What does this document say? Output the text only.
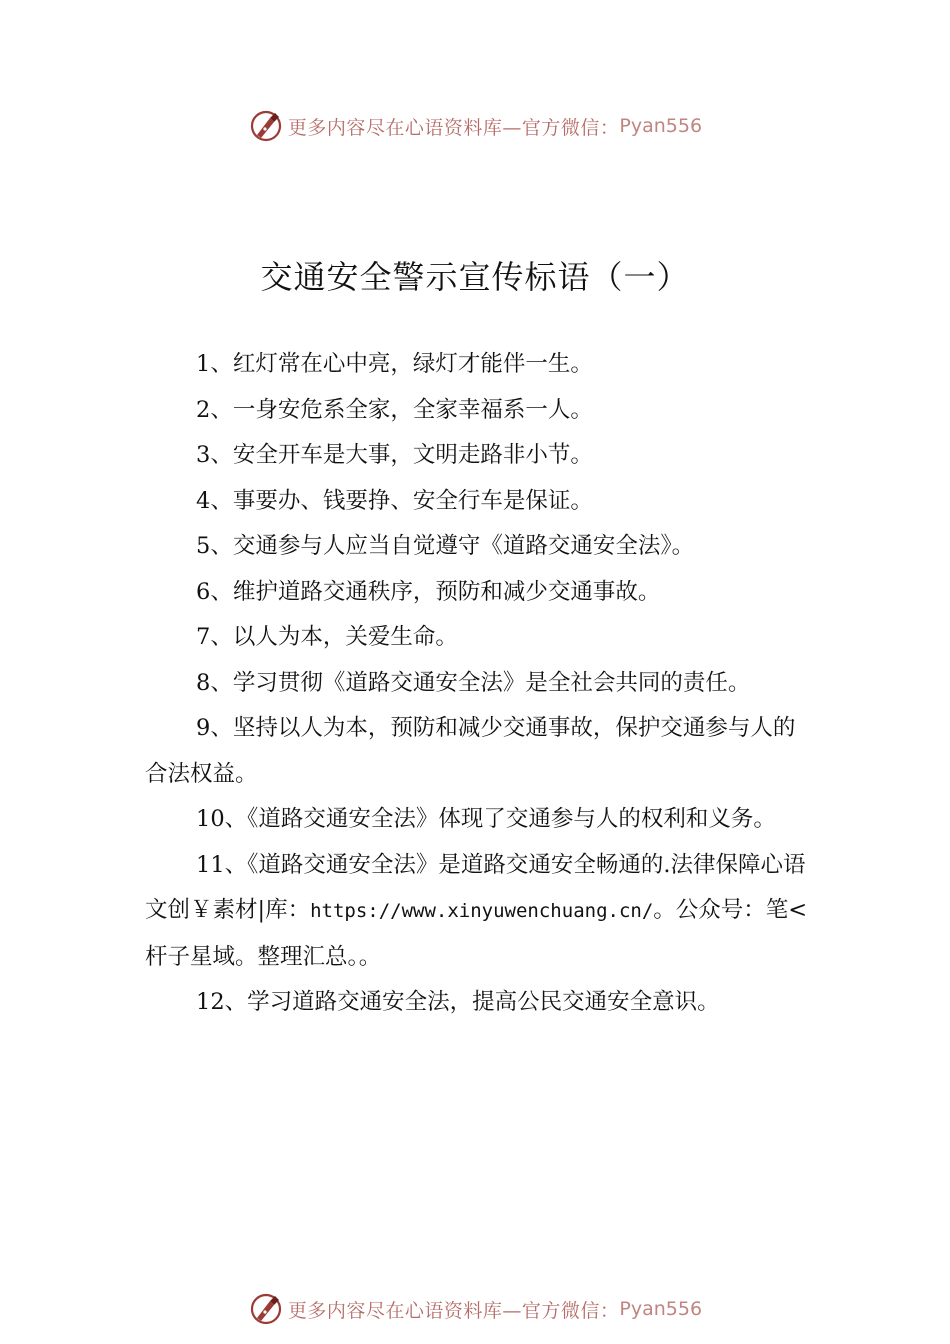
更多内容尽在心语资料库—官方微信： Pyan556
交通安全警示宣传标语（一）

1、红灯常在心中亮，绿灯才能伴一生。

2、一身安危系全家，全家幸福系一人。

3、安全开车是大事，文明走路非小节。

4、事要办、钱要挣、安全行车是保证。

5、交通参与人应当自觉遵守《道路交通安全法》。

6、维护道路交通秩序，预防和减少交通事故。

7、以人为本，关爱生命。

8、学习贯彻《道路交通安全法》是全社会共同的责任。

9、坚持以人为本，预防和减少交通事故，保护交通参与人的合法权益。

10、《道路交通安全法》体现了交通参与人的权利和义务。

11、《道路交通安全法》是道路交通安全畅通的.法律保障心语文创￥素材|库：https://www.xinyuwenchuang.cn/。公众号：笔<杆子星域。整理汇总。。

12、学习道路交通安全法，提高公民交通安全意识。

更多内容尽在心语资料库—官方微信： Pyan556
